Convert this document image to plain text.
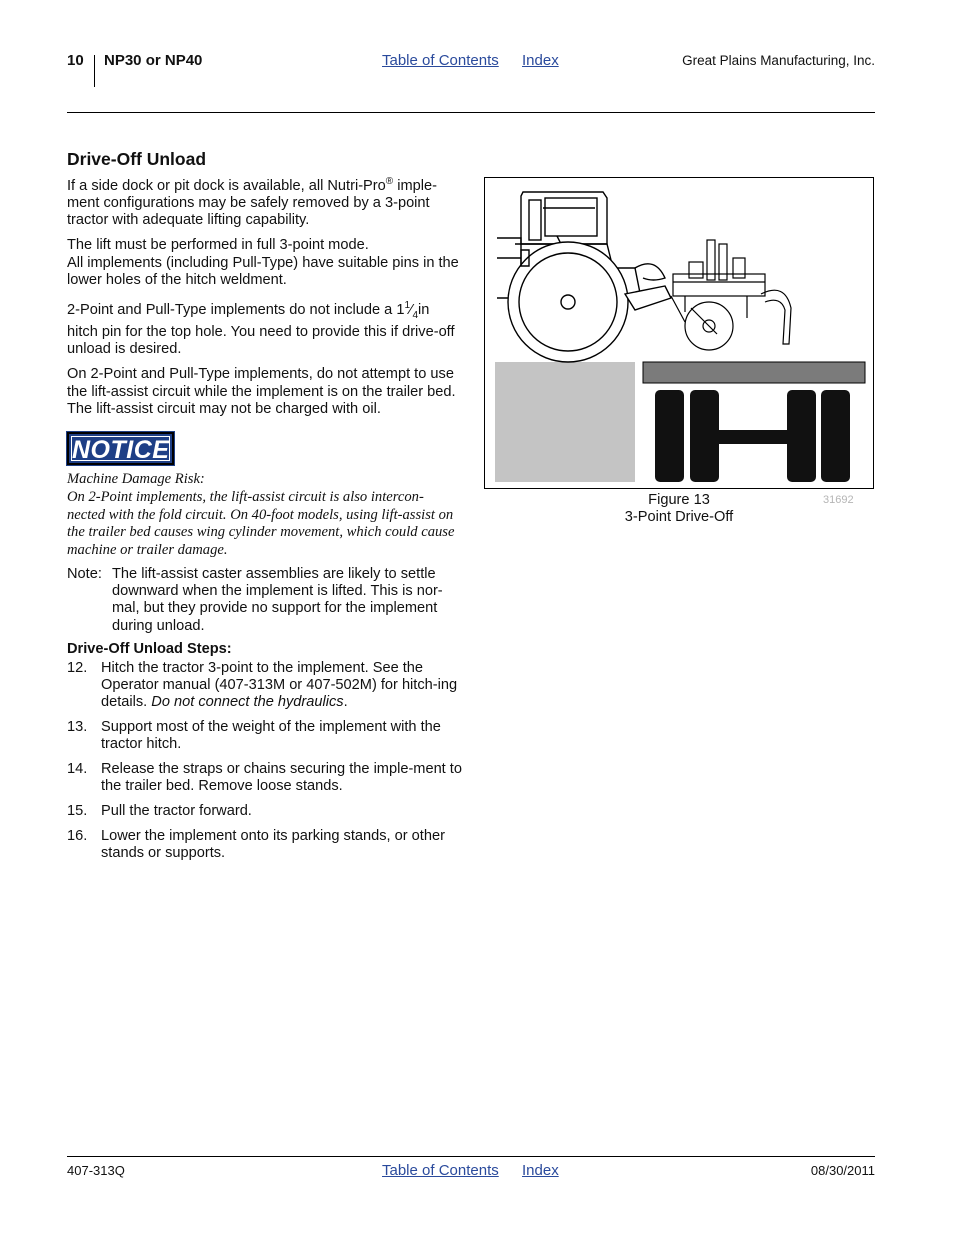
10 NP30 or NP40	Table of Contents Index	Great Plains Manufacturing, Inc.
Drive-Off Unload

If a side dock or pit dock is available, all Nutri-Pro® imple- ment configurations may be safely removed by a 3-point tractor with adequate lifting capability.

The lift must be performed in full 3-point mode.
All implements (including Pull-Type) have suitable pins in the lower holes of the hitch weldment.

2-Point and Pull-Type implements do not include a $1^1⁄_4in$ hitch pin for the top hole. You need to provide this if drive-off unload is desired.

On 2-Point and Pull-Type implements, do not attempt to use the lift-assist circuit while the implement is on the trailer bed. The lift-assist circuit may not be charged with oil.

NOTICE
Machine Damage Risk:
On 2-Point implements, the lift-assist circuit is also intercon-nected with the fold circuit. On 40-foot models, using lift-assist on the trailer bed causes wing cylinder movement, which could cause machine or trailer damage.
Note: The lift-assist caster assemblies are likely to settle downward when the implement is lifted. This is nor-mal, but they provide no support for the implement during unload.
Drive-Off Unload Steps:
12. Hitch the tractor 3-point to the implement. See the Operator manual (407-313M or 407-502M) for hitch-ing details. Do not connect the hydraulics.
13. Support most of the weight of the implement with the tractor hitch.
14. Release the straps or chains securing the imple-ment to the trailer bed. Remove loose stands.
15. Pull the tractor forward.
16. Lower the implement onto its parking stands, or other stands or supports.
Figure 13
3-Point Drive-Off
31692
407-313Q	Table of Contents Index	08/30/2011
